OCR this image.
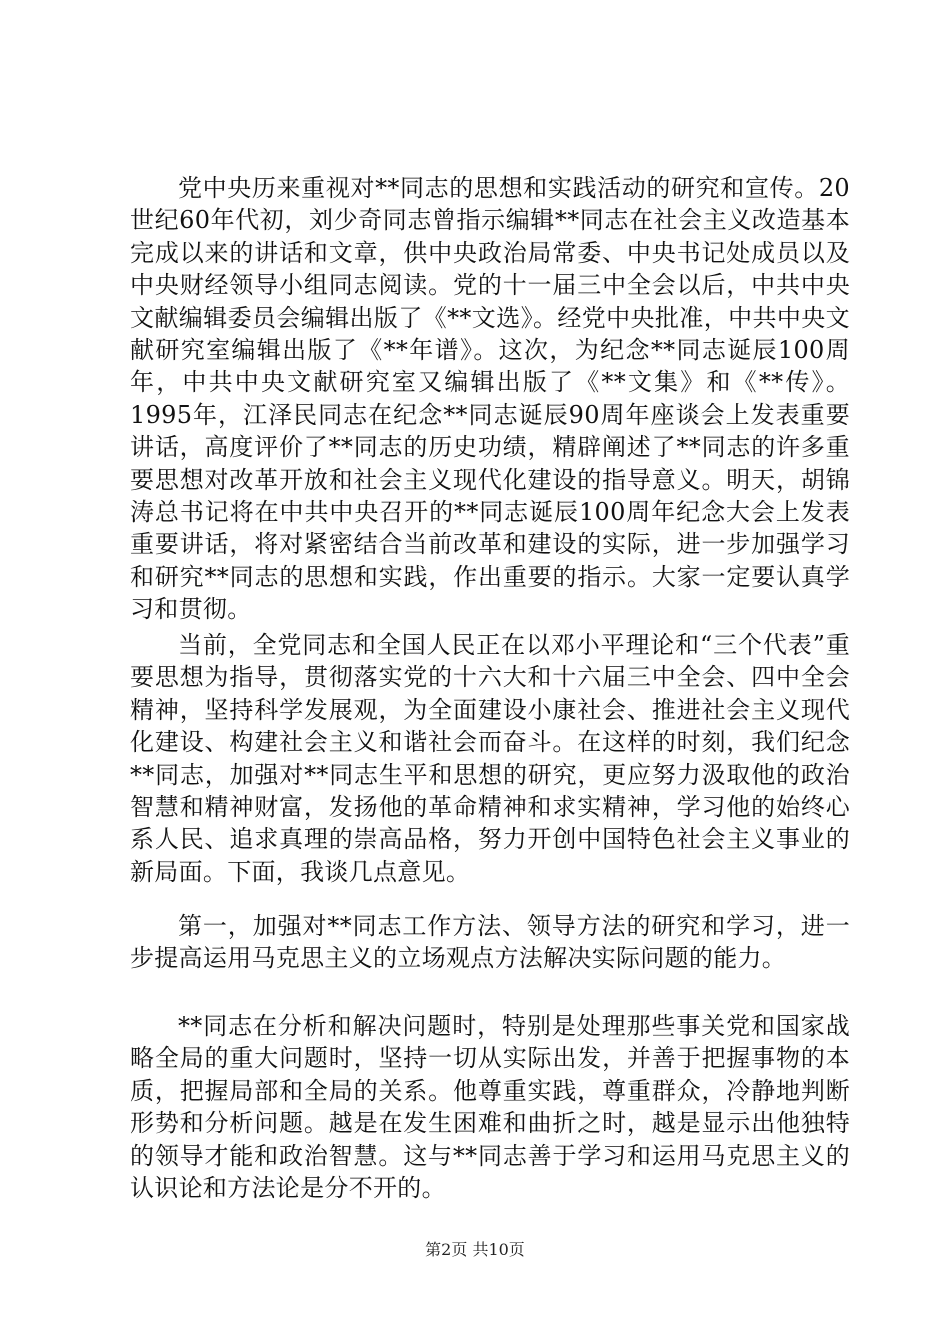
党中央历来重视对**同志的思想和实践活动的研究和宣传。20世纪60年代初，刘少奇同志曾指示编辑**同志在社会主义改造基本完成以来的讲话和文章，供中央政治局常委、中央书记处成员以及中央财经领导小组同志阅读。党的十一届三中全会以后，中共中央文献编辑委员会编辑出版了《**文选》。经党中央批准，中共中央文献研究室编辑出版了《**年谱》。这次，为纪念**同志诞辰100周年，中共中央文献研究室又编辑出版了《**文集》和《**传》。1995年，江泽民同志在纪念**同志诞辰90周年座谈会上发表重要讲话，高度评价了**同志的历史功绩，精辟阐述了**同志的许多重要思想对改革开放和社会主义现代化建设的指导意义。明天，胡锦涛总书记将在中共中央召开的**同志诞辰100周年纪念大会上发表重要讲话，将对紧密结合当前改革和建设的实际，进一步加强学习和研究**同志的思想和实践，作出重要的指示。大家一定要认真学习和贯彻。

当前，全党同志和全国人民正在以邓小平理论和“三个代表”重要思想为指导，贯彻落实党的十六大和十六届三中全会、四中全会精神，坚持科学发展观，为全面建设小康社会、推进社会主义现代化建设、构建社会主义和谐社会而奋斗。在这样的时刻，我们纪念**同志，加强对**同志生平和思想的研究，更应努力汲取他的政治智慧和精神财富，发扬他的革命精神和求实精神，学习他的始终心系人民、追求真理的崇高品格，努力开创中国特色社会主义事业的新局面。下面，我谈几点意见。

第一，加强对**同志工作方法、领导方法的研究和学习，进一步提高运用马克思主义的立场观点方法解决实际问题的能力。

**同志在分析和解决问题时，特别是处理那些事关党和国家战略全局的重大问题时，坚持一切从实际出发，并善于把握事物的本质，把握局部和全局的关系。他尊重实践，尊重群众，冷静地判断形势和分析问题。越是在发生困难和曲折之时，越是显示出他独特的领导才能和政治智慧。这与**同志善于学习和运用马克思主义的认识论和方法论是分不开的。

第2页 共10页
